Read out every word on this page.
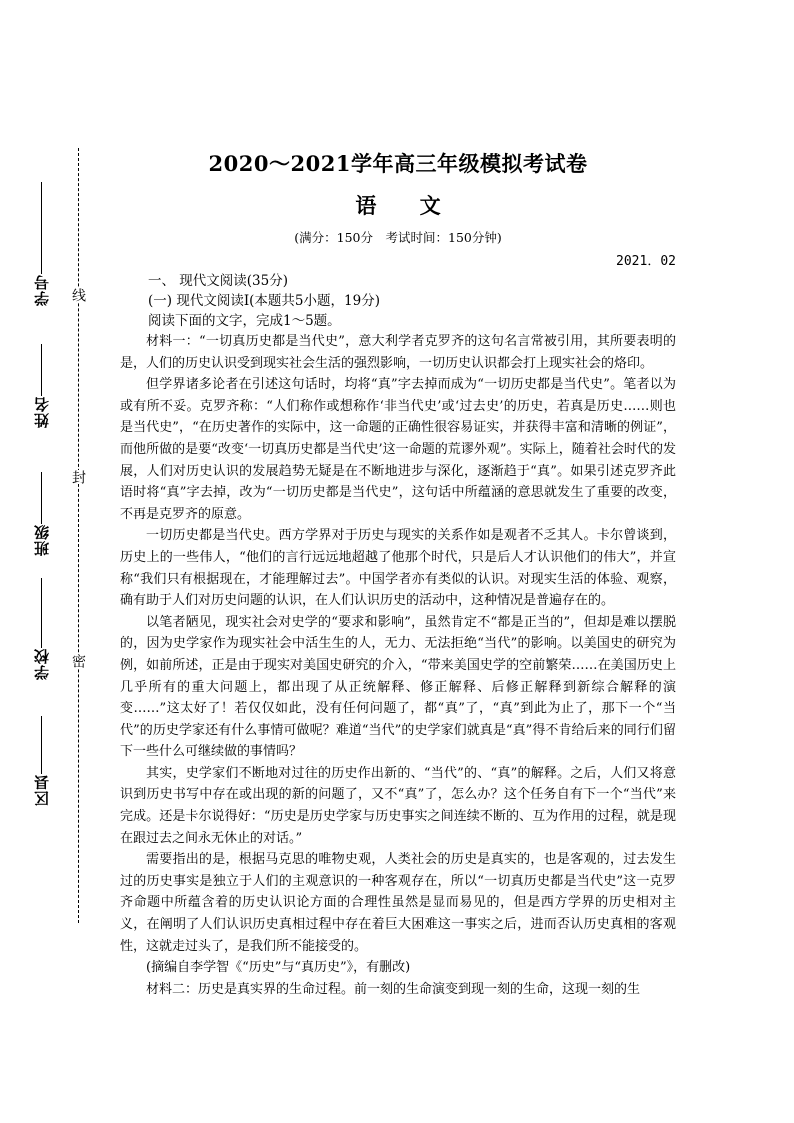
线
封
密
学号
姓名
班级
学校
区县
2020～2021学年高三年级模拟考试卷
语 文
(满分：150分　考试时间：150分钟)
2021．02

一、 现代文阅读(35分)

(一) 现代文阅读Ⅰ(本题共5小题，19分)

阅读下面的文字，完成1～5题。

材料一：“一切真历史都是当代史”，意大利学者克罗齐的这句名言常被引用，其所要表明的是，人们的历史认识受到现实社会生活的强烈影响，一切历史认识都会打上现实社会的烙印。

但学界诸多论者在引述这句话时，均将“真”字去掉而成为“一切历史都是当代史”。笔者以为或有所不妥。克罗齐称：“人们称作或想称作‘非当代史’或‘过去史’的历史，若真是历史……则也是当代史”，“在历史著作的实际中，这一命题的正确性很容易证实，并获得丰富和清晰的例证”，而他所做的是要“改变‘一切真历史都是当代史’这一命题的荒谬外观”。实际上，随着社会时代的发展，人们对历史认识的发展趋势无疑是在不断地进步与深化，逐渐趋于“真”。如果引述克罗齐此语时将“真”字去掉，改为“一切历史都是当代史”，这句话中所蕴涵的意思就发生了重要的改变，不再是克罗齐的原意。

一切历史都是当代史。西方学界对于历史与现实的关系作如是观者不乏其人。卡尔曾谈到，历史上的一些伟人，“他们的言行远远地超越了他那个时代，只是后人才认识他们的伟大”，并宣称“我们只有根据现在，才能理解过去”。中国学者亦有类似的认识。对现实生活的体验、观察，确有助于人们对历史问题的认识，在人们认识历史的活动中，这种情况是普遍存在的。

以笔者陋见，现实社会对史学的“要求和影响”，虽然肯定不“都是正当的”，但却是难以摆脱的，因为史学家作为现实社会中活生生的人，无力、无法拒绝“当代”的影响。以美国史的研究为例，如前所述，正是由于现实对美国史研究的介入，“带来美国史学的空前繁荣……在美国历史上几乎所有的重大问题上，都出现了从正统解释、修正解释、后修正解释到新综合解释的演变……”这太好了！若仅仅如此，没有任何问题了，都“真”了，“真”到此为止了，那下一个“当代”的历史学家还有什么事情可做呢？难道“当代”的史学家们就真是“真”得不肯给后来的同行们留下一些什么可继续做的事情吗？

其实，史学家们不断地对过往的历史作出新的、“当代”的、“真”的解释。之后，人们又将意识到历史书写中存在或出现的新的问题了，又不“真”了，怎么办？这个任务自有下一个“当代”来完成。还是卡尔说得好：“历史是历史学家与历史事实之间连续不断的、互为作用的过程，就是现在跟过去之间永无休止的对话。”

需要指出的是，根据马克思的唯物史观，人类社会的历史是真实的，也是客观的，过去发生过的历史事实是独立于人们的主观意识的一种客观存在，所以“一切真历史都是当代史”这一克罗齐命题中所蕴含着的历史认识论方面的合理性虽然是显而易见的，但是西方学界的历史相对主义，在阐明了人们认识历史真相过程中存在着巨大困难这一事实之后，进而否认历史真相的客观性，这就走过头了，是我们所不能接受的。

(摘编自李学智《“历史”与“真历史”》，有删改)

材料二：历史是真实界的生命过程。前一刻的生命演变到现一刻的生命，这现一刻的生
